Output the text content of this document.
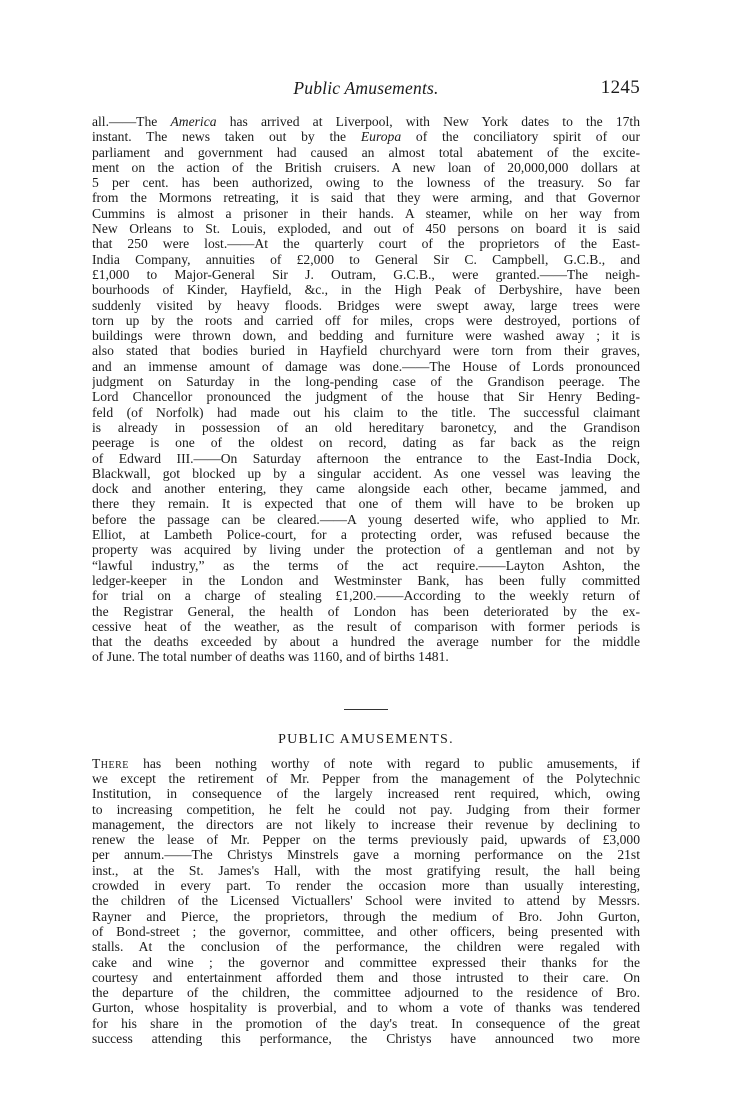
Public Amusements.	1245
all.——The America has arrived at Liverpool, with New York dates to the 17th
instant. The news taken out by the Europa of the conciliatory spirit of our
parliament and government had caused an almost total abatement of the excite-
ment on the action of the British cruisers. A new loan of 20,000,000 dollars at
5 per cent. has been authorized, owing to the lowness of the treasury. So far
from the Mormons retreating, it is said that they were arming, and that Governor
Cummins is almost a prisoner in their hands. A steamer, while on her way from
New Orleans to St. Louis, exploded, and out of 450 persons on board it is said
that 250 were lost.——At the quarterly court of the proprietors of the East-
India Company, annuities of £2,000 to General Sir C. Campbell, G.C.B., and
£1,000 to Major-General Sir J. Outram, G.C.B., were granted.——The neigh-
bourhoods of Kinder, Hayfield, &c., in the High Peak of Derbyshire, have been
suddenly visited by heavy floods. Bridges were swept away, large trees were
torn up by the roots and carried off for miles, crops were destroyed, portions of
buildings were thrown down, and bedding and furniture were washed away ; it is
also stated that bodies buried in Hayfield churchyard were torn from their graves,
and an immense amount of damage was done.——The House of Lords pronounced
judgment on Saturday in the long-pending case of the Grandison peerage. The
Lord Chancellor pronounced the judgment of the house that Sir Henry Beding-
feld (of Norfolk) had made out his claim to the title. The successful claimant
is already in possession of an old hereditary baronetcy, and the Grandison
peerage is one of the oldest on record, dating as far back as the reign
of Edward III.——On Saturday afternoon the entrance to the East-India Dock,
Blackwall, got blocked up by a singular accident. As one vessel was leaving the
dock and another entering, they came alongside each other, became jammed, and
there they remain. It is expected that one of them will have to be broken up
before the passage can be cleared.——A young deserted wife, who applied to Mr.
Elliot, at Lambeth Police-court, for a protecting order, was refused because the
property was acquired by living under the protection of a gentleman and not by
“lawful industry,” as the terms of the act require.——Layton Ashton, the
ledger-keeper in the London and Westminster Bank, has been fully committed
for trial on a charge of stealing £1,200.——According to the weekly return of
the Registrar General, the health of London has been deteriorated by the ex-
cessive heat of the weather, as the result of comparison with former periods is
that the deaths exceeded by about a hundred the average number for the middle
of June. The total number of deaths was 1160, and of births 1481.
PUBLIC AMUSEMENTS.
There has been nothing worthy of note with regard to public amusements, if
we except the retirement of Mr. Pepper from the management of the Polytechnic
Institution, in consequence of the largely increased rent required, which, owing
to increasing competition, he felt he could not pay. Judging from their former
management, the directors are not likely to increase their revenue by declining to
renew the lease of Mr. Pepper on the terms previously paid, upwards of £3,000
per annum.——The Christys Minstrels gave a morning performance on the 21st
inst., at the St. James's Hall, with the most gratifying result, the hall being
crowded in every part. To render the occasion more than usually interesting,
the children of the Licensed Victuallers' School were invited to attend by Messrs.
Rayner and Pierce, the proprietors, through the medium of Bro. John Gurton,
of Bond-street ; the governor, committee, and other officers, being presented with
stalls. At the conclusion of the performance, the children were regaled with
cake and wine ; the governor and committee expressed their thanks for the
courtesy and entertainment afforded them and those intrusted to their care. On
the departure of the children, the committee adjourned to the residence of Bro.
Gurton, whose hospitality is proverbial, and to whom a vote of thanks was tendered
for his share in the promotion of the day's treat. In consequence of the great
success attending this performance, the Christys have announced two more
